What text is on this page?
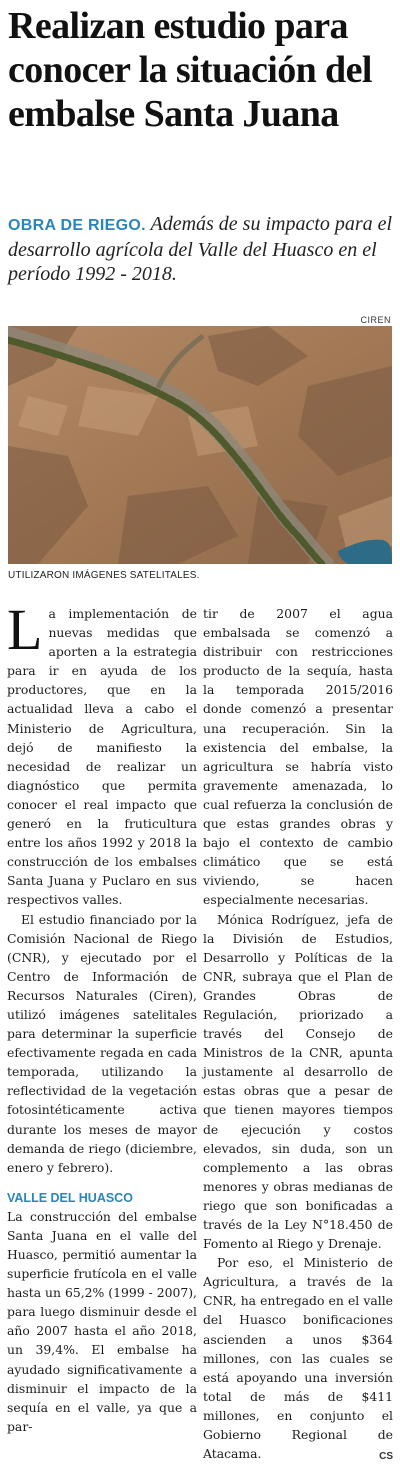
Realizan estudio para conocer la situación del embalse Santa Juana

OBRA DE RIEGO. Además de su impacto para el desarrollo agrícola del Valle del Huasco en el período 1992 - 2018.

CIREN
UTILIZARON IMÁGENES SATELITALES.

La implementación de nuevas medidas que aporten a la estrategia para ir en ayuda de los productores, que en la actualidad lleva a cabo el Ministerio de Agricultura, dejó de manifiesto la necesidad de realizar un diagnóstico que permita conocer el real impacto que generó en la fruticultura entre los años 1992 y 2018 la construcción de los embalses Santa Juana y Puclaro en sus respectivos valles.

El estudio financiado por la Comisión Nacional de Riego (CNR), y ejecutado por el Centro de Información de Recursos Naturales (Ciren), utilizó imágenes satelitales para determinar la superficie efectivamente regada en cada temporada, utilizando la reflectividad de la vegetación fotosintéticamente activa durante los meses de mayor demanda de riego (diciembre, enero y febrero).

VALLE DEL HUASCO

La construcción del embalse Santa Juana en el valle del Huasco, permitió aumentar la superficie frutícola en el valle hasta un 65,2% (1999 - 2007), para luego disminuir desde el año 2007 hasta el año 2018, un 39,4%. El embalse ha ayudado significativamente a disminuir el impacto de la sequía en el valle, ya que a par-

tir de 2007 el agua embalsada se comenzó a distribuir con restricciones producto de la sequía, hasta la temporada 2015/2016 donde comenzó a presentar una recuperación. Sin la existencia del embalse, la agricultura se habría visto gravemente amenazada, lo cual refuerza la conclusión de que estas grandes obras y bajo el contexto de cambio climático que se está viviendo, se hacen especialmente necesarias.

Mónica Rodríguez, jefa de la División de Estudios, Desarrollo y Políticas de la CNR, subraya que el Plan de Grandes Obras de Regulación, priorizado a través del Consejo de Ministros de la CNR, apunta justamente al desarrollo de estas obras que a pesar de que tienen mayores tiempos de ejecución y costos elevados, sin duda, son un complemento a las obras menores y obras medianas de riego que son bonificadas a través de la Ley N°18.450 de Fomento al Riego y Drenaje.

Por eso, el Ministerio de Agricultura, a través de la CNR, ha entregado en el valle del Huasco bonificaciones ascienden a unos $364 millones, con las cuales se está apoyando una inversión total de más de $411 millones, en conjunto el Gobierno Regional de Atacama.	CS
